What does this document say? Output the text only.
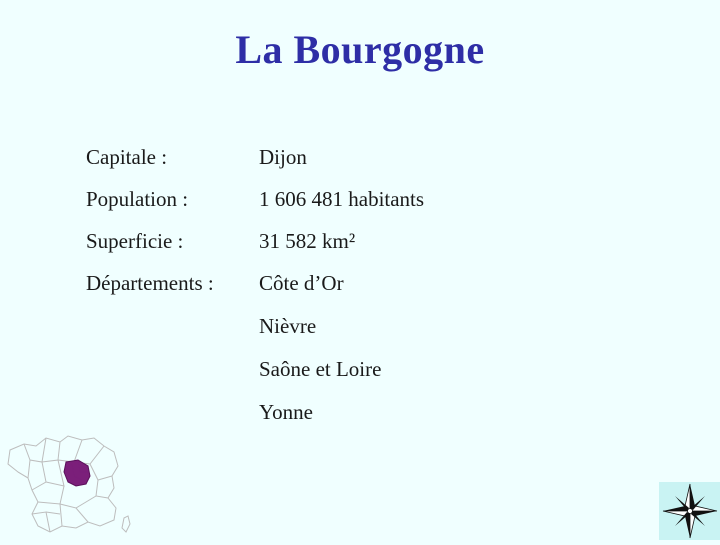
La Bourgogne
Capitale :	Dijon
Population :	1 606 481 habitants
Superficie :	31 582 km²
Départements : Côte d’Or
Nièvre
Saône et Loire
Yonne
